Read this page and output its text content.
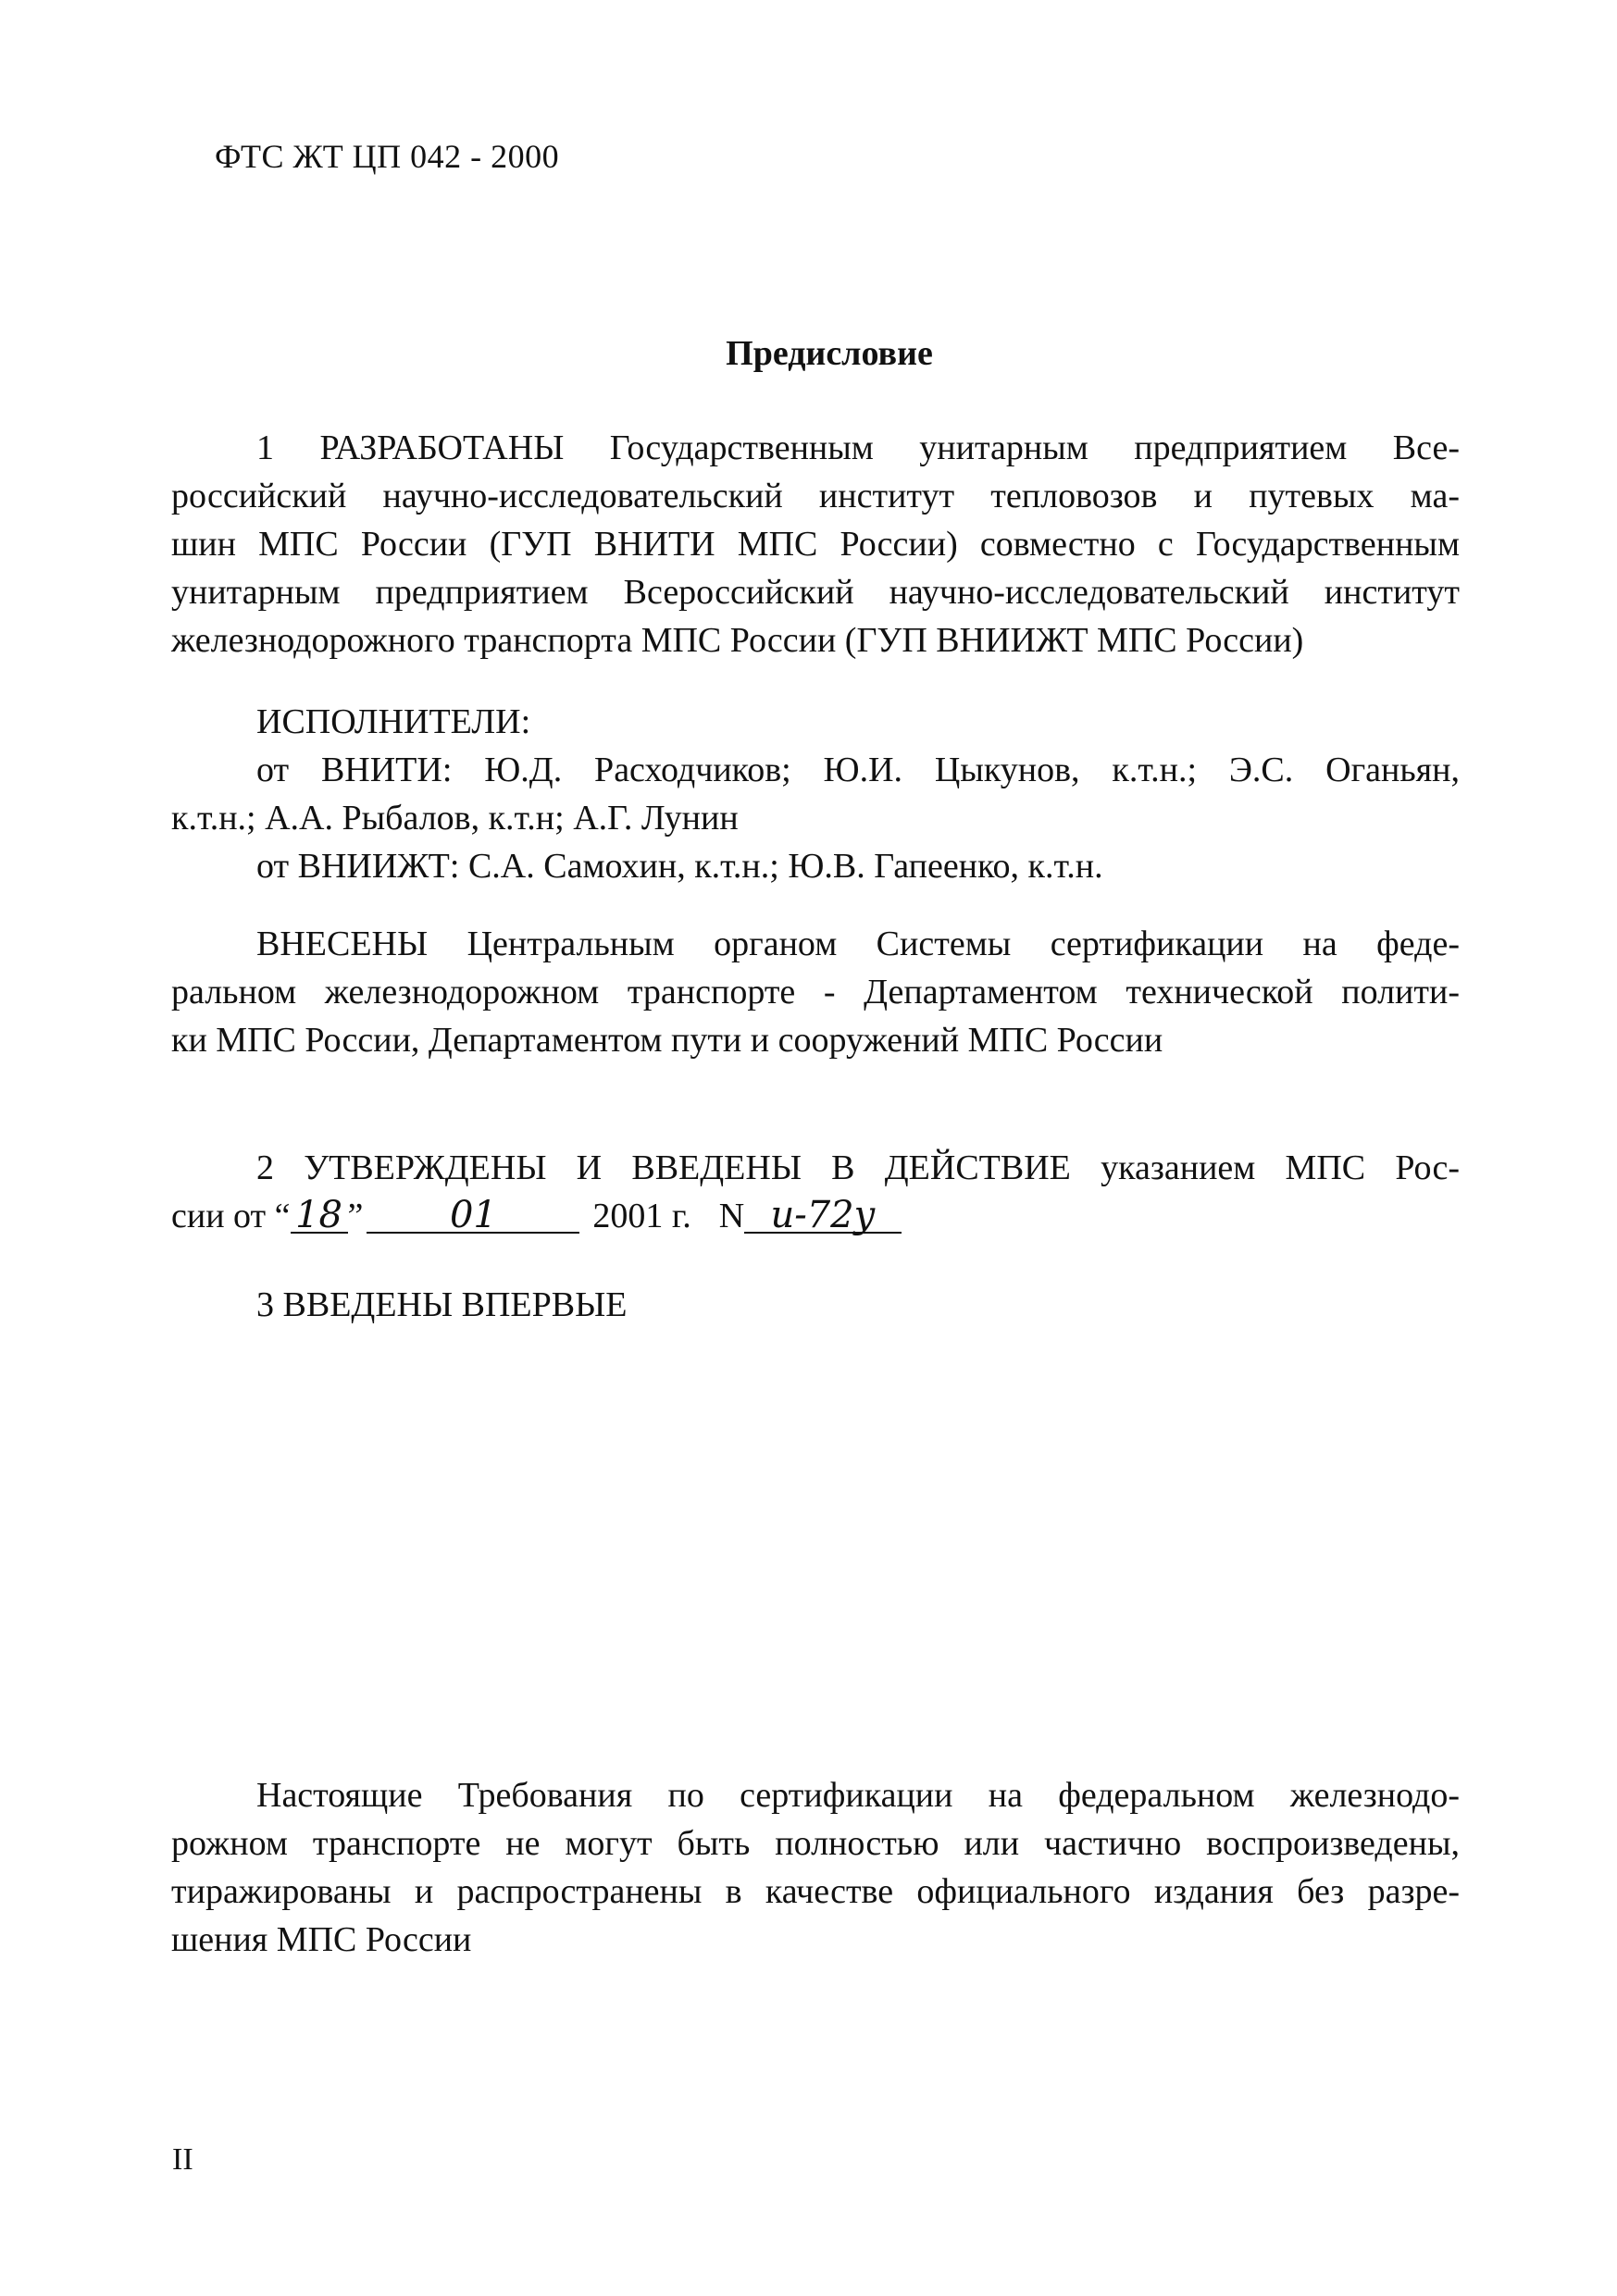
ФТС ЖТ ЦП 042 - 2000
Предисловие
1 РАЗРАБОТАНЫ Государственным унитарным предприятием Все-
российский научно-исследовательский институт тепловозов и путевых ма-
шин МПС России (ГУП ВНИТИ МПС России) совместно с Государственным
унитарным предприятием Всероссийский научно-исследовательский институт
железнодорожного транспорта МПС России (ГУП ВНИИЖТ МПС России)
ИСПОЛНИТЕЛИ:
от ВНИТИ: Ю.Д. Расходчиков; Ю.И. Цыкунов, к.т.н.; Э.С. Оганьян,
к.т.н.; А.А. Рыбалов, к.т.н; А.Г. Лунин
от ВНИИЖТ: С.А. Самохин, к.т.н.; Ю.В. Гапеенко, к.т.н.
ВНЕСЕНЫ Центральным органом Системы сертификации на феде-
ральном железнодорожном транспорте - Департаментом технической полити-
ки МПС России, Департаментом пути и сооружений МПС России
2 УТВЕРЖДЕНЫ И ВВЕДЕНЫ В ДЕЙСТВИЕ указанием МПС Рос-
сии от “ 18 ” 01	2001 г. N и-72у
3 ВВЕДЕНЫ ВПЕРВЫЕ
Настоящие Требования по сертификации на федеральном железнодо-
рожном транспорте не могут быть полностью или частично воспроизведены,
тиражированы и распространены в качестве официального издания без разре-
шения МПС России
II
